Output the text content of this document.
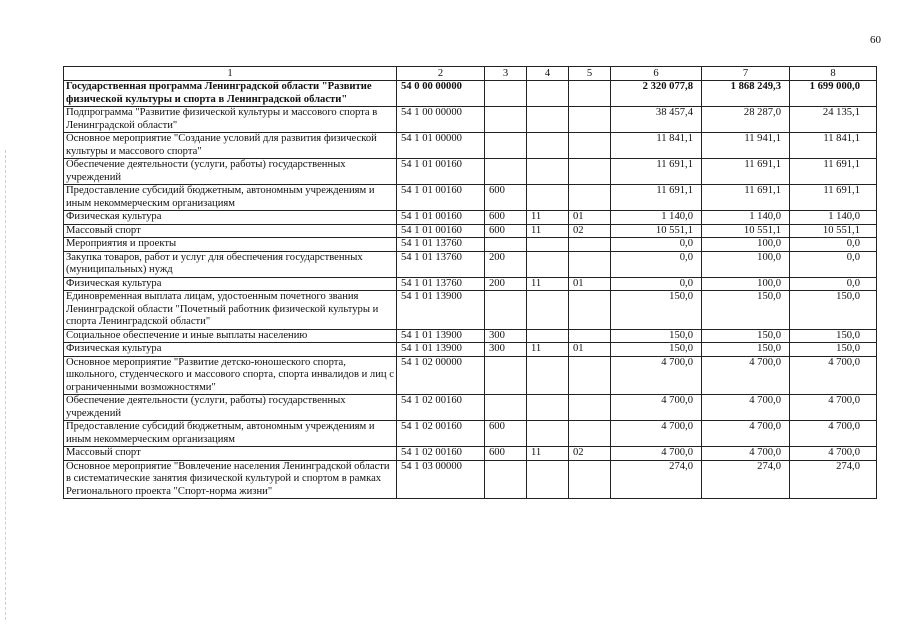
60
1	2	3	4	5	6	7	8
Государственная программа Ленинградской области "Развитие физической культуры и спорта в Ленинградской области"	54 0 00 00000				2 320 077,8	1 868 249,3	1 699 000,0
Подпрограмма "Развитие физической культуры и массового спорта в Ленинградской области"	54 1 00 00000				38 457,4	28 287,0	24 135,1
Основное мероприятие "Создание условий для развития физической культуры и массового спорта"	54 1 01 00000				11 841,1	11 941,1	11 841,1
Обеспечение деятельности (услуги, работы) государственных учреждений	54 1 01 00160				11 691,1	11 691,1	11 691,1
Предоставление субсидий бюджетным, автономным учреждениям и иным некоммерческим организациям	54 1 01 00160	600			11 691,1	11 691,1	11 691,1
Физическая культура	54 1 01 00160	600	11	01	1 140,0	1 140,0	1 140,0
Массовый спорт	54 1 01 00160	600	11	02	10 551,1	10 551,1	10 551,1
Мероприятия и проекты	54 1 01 13760				0,0	100,0	0,0
Закупка товаров, работ и услуг для обеспечения государственных (муниципальных) нужд	54 1 01 13760	200			0,0	100,0	0,0
Физическая культура	54 1 01 13760	200	11	01	0,0	100,0	0,0
Единовременная выплата лицам, удостоенным почетного звания Ленинградской области "Почетный работник физической культуры и спорта Ленинградской области"	54 1 01 13900				150,0	150,0	150,0
Социальное обеспечение и иные выплаты населению	54 1 01 13900	300			150,0	150,0	150,0
Физическая культура	54 1 01 13900	300	11	01	150,0	150,0	150,0
Основное мероприятие "Развитие детско-юношеского спорта, школьного, студенческого и массового спорта, спорта инвалидов и лиц с ограниченными возможностями"	54 1 02 00000				4 700,0	4 700,0	4 700,0
Обеспечение деятельности (услуги, работы) государственных учреждений	54 1 02 00160				4 700,0	4 700,0	4 700,0
Предоставление субсидий бюджетным, автономным учреждениям и иным некоммерческим организациям	54 1 02 00160	600			4 700,0	4 700,0	4 700,0
Массовый спорт	54 1 02 00160	600	11	02	4 700,0	4 700,0	4 700,0
Основное мероприятие "Вовлечение населения Ленинградской области в систематические занятия физической культурой и спортом в рамках Регионального проекта "Спорт-норма жизни"	54 1 03 00000				274,0	274,0	274,0
